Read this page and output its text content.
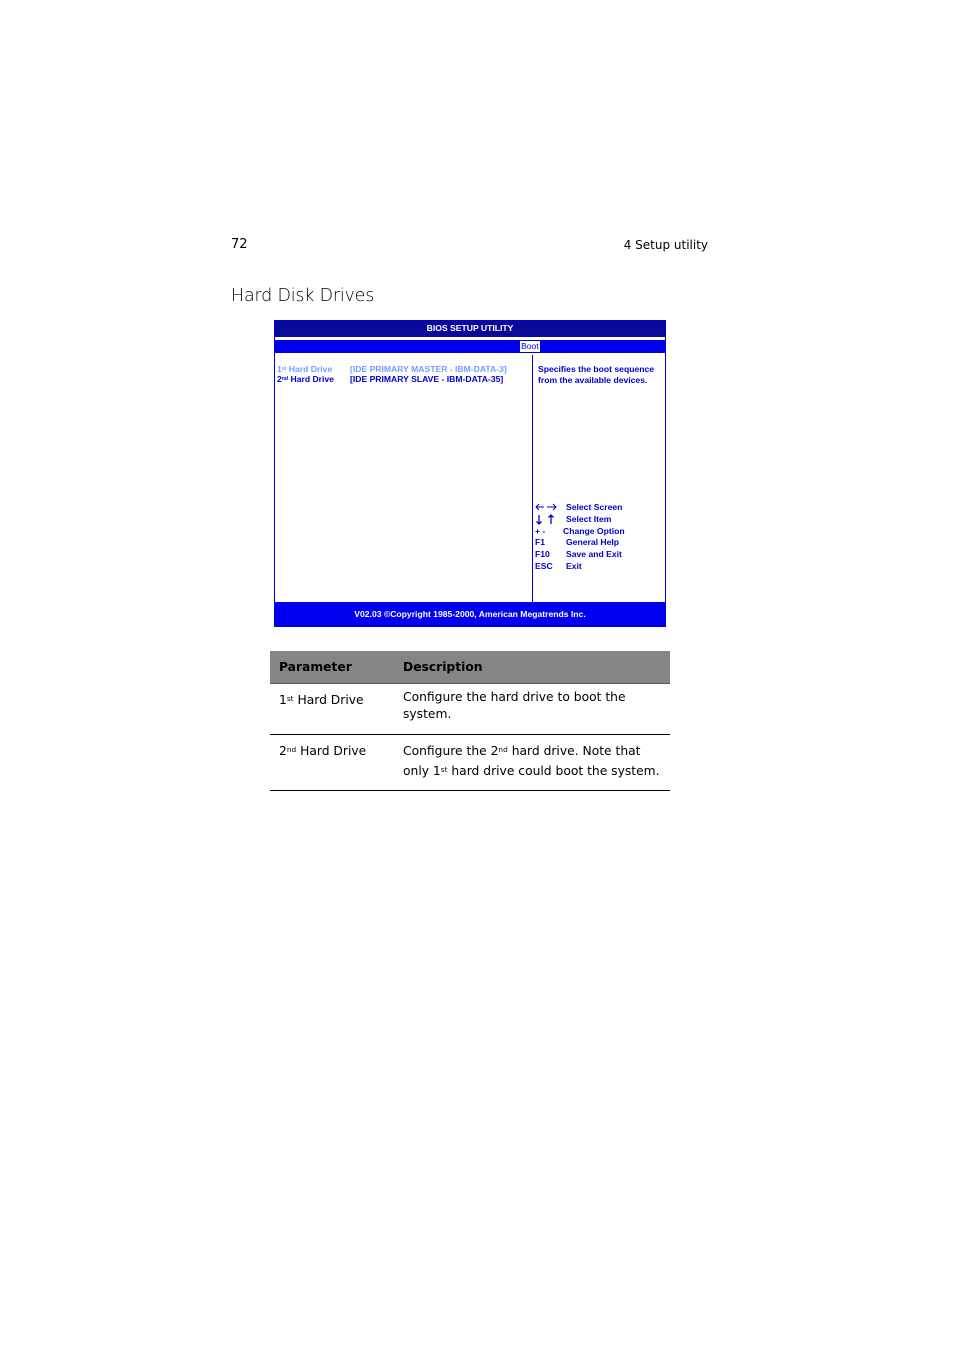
72	4 Setup utility
Hard Disk Drives
BIOS SETUP UTILITY
Boot
1st Hard Drive [IDE PRIMARY MASTER - IBM-DATA-3]
2nd Hard Drive [IDE PRIMARY SLAVE - IBM-DATA-35]
Specifies the boot sequence from the available devices.
Select Screen
Select Item
+ - Change Option
F1 General Help
F10 Save and Exit
ESC Exit
V02.03 ©Copyright 1985-2000, American Megatrends Inc.
Parameter	Description
1st Hard Drive	Configure the hard drive to boot the system.
2nd Hard Drive	Configure the 2nd hard drive. Note that only 1st hard drive could boot the system.
